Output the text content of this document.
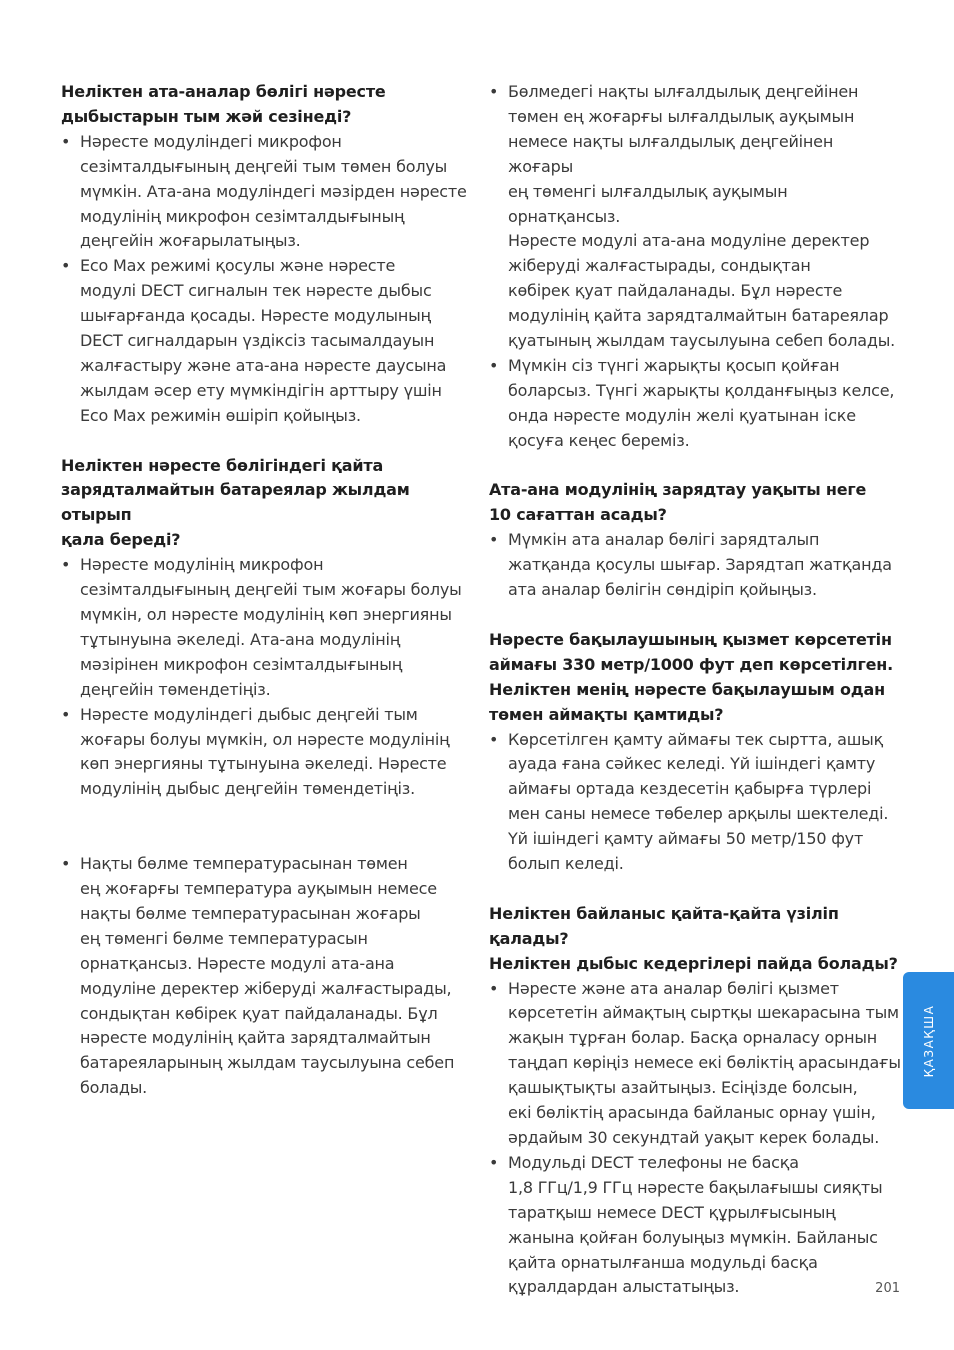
Неліктен ата-аналар бөлігі нәресте
дыбыстарын тым жәй сезінеді?
• Нәресте модуліндегі микрофон
сезімталдығының деңгейі тым төмен болуы
мүмкін. Ата-ана модуліндегі мәзірден нәресте
модулінің микрофон сезімталдығының
деңгейін жоғарылатыңыз.
• Eco Max режимі қосулы және нәресте
модулі DECT сигналын тек нәресте дыбыс
шығарғанда қосады. Нәресте модулының
DECT сигналдарын үздіксіз тасымалдауын
жалғастыру және ата-ана нәресте даусына
жылдам әсер ету мүмкіндігін арттыру үшін
Eco Max режимін өшіріп қойыңыз.
Неліктен нәресте бөлігіндегі қайта
зарядталмайтын батареялар жылдам отырып
қала береді?
• Нәресте модулінің микрофон
сезімталдығының деңгейі тым жоғары болуы
мүмкін, ол нәресте модулінің көп энергияны
тұтынуына әкеледі. Ата-ана модулінің
мәзірінен микрофон сезімталдығының
деңгейін төмендетіңіз.
• Нәресте модуліндегі дыбыс деңгейі тым
жоғары болуы мүмкін, ол нәресте модулінің
көп энергияны тұтынуына әкеледі. Нәресте
модулінің дыбыс деңгейін төмендетіңіз.
• Нақты бөлме температурасынан төмен
ең жоғарғы температура ауқымын немесе
нақты бөлме температурасынан жоғары
ең төменгі бөлме температурасын
орнатқансыз. Нәресте модулі ата-ана
модуліне деректер жіберуді жалғастырады,
сондықтан көбірек қуат пайдаланады. Бұл
нәресте модулінің қайта зарядталмайтын
батареяларының жылдам таусылуына себеп
болады.
• Бөлмедегі нақты ылғалдылық деңгейінен
төмен ең жоғарғы ылғалдылық ауқымын
немесе нақты ылғалдылық деңгейінен жоғары
ең төменгі ылғалдылық ауқымын орнатқансыз.
Нәресте модулі ата-ана модуліне деректер
жіберуді жалғастырады, сондықтан
көбірек қуат пайдаланады. Бұл нәресте
модулінің қайта зарядталмайтын батареялар
қуатының жылдам таусылуына себеп болады.
• Мүмкін сіз түнгі жарықты қосып қойған
боларсыз. Түнгі жарықты қолданғыңыз келсе,
онда нәресте модулін желі қуатынан іске
қосуға кеңес береміз.
Ата-ана модулінің зарядтау уақыты неге
10 сағаттан асады?
• Мүмкін ата аналар бөлігі зарядталып
жатқанда қосулы шығар. Зарядтап жатқанда
ата аналар бөлігін сөндіріп қойыңыз.
Нәресте бақылаушының қызмет көрсететін
аймағы 330 метр/1000 фут деп көрсетілген.
Неліктен менің нәресте бақылаушым одан
төмен аймақты қамтиды?
• Көрсетілген қамту аймағы тек сыртта, ашық
ауада ғана сәйкес келеді. Үй ішіндегі қамту
аймағы ортада кездесетін қабырға түрлері
мен саны немесе төбелер арқылы шектеледі.
Үй ішіндегі қамту аймағы 50 метр/150 фут
болып келеді.
Неліктен байланыс қайта-қайта үзіліп қалады?
Неліктен дыбыс кедергілері пайда болады?
• Нәресте және ата аналар бөлігі қызмет
көрсететін аймақтың сыртқы шекарасына тым
жақын тұрған болар. Басқа орналасу орнын
таңдап көріңіз немесе екі бөліктің арасындағы
қашықтықты азайтыңыз. Есіңізде болсын,
екі бөліктің арасында байланыс орнау үшін,
әрдайым 30 секундтай уақыт керек болады.
• Модульді DECT телефоны не басқа
1,8 ГГц/1,9 ГГц нәресте бақылағышы сияқты
таратқыш немесе DECT құрылғысының
жанына қойған болуыңыз мүмкін. Байланыс
қайта орнатылғанша модульді басқа
құралдардан алыстатыңыз.
ҚАЗАҚША
201
